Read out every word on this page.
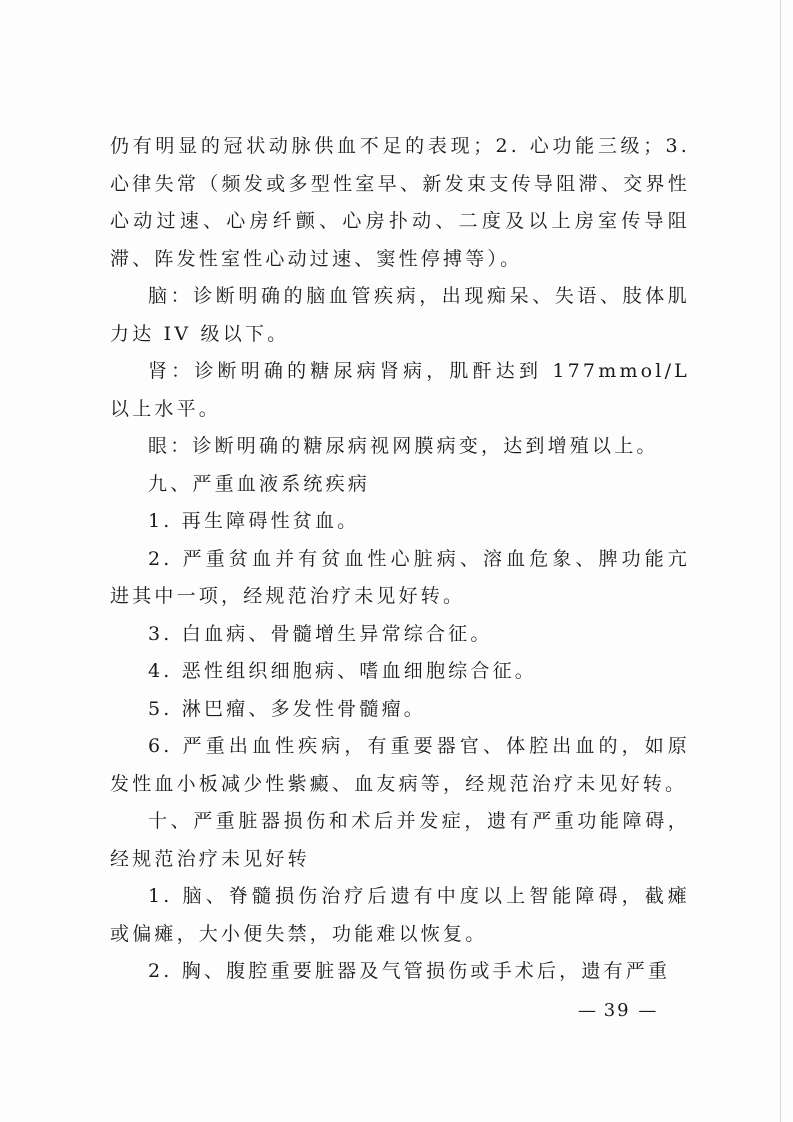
仍有明显的冠状动脉供血不足的表现；2. 心功能三级；3. 心律失常（频发或多型性室早、新发束支传导阻滞、交界性心动过速、心房纤颤、心房扑动、二度及以上房室传导阻滞、阵发性室性心动过速、窦性停搏等）。

脑：诊断明确的脑血管疾病，出现痴呆、失语、肢体肌力达 IV 级以下。

肾：诊断明确的糖尿病肾病，肌酐达到 177mmol/L 以上水平。

眼：诊断明确的糖尿病视网膜病变，达到增殖以上。

九、严重血液系统疾病

1. 再生障碍性贫血。

2. 严重贫血并有贫血性心脏病、溶血危象、脾功能亢进其中一项，经规范治疗未见好转。

3. 白血病、骨髓增生异常综合征。

4. 恶性组织细胞病、嗜血细胞综合征。

5. 淋巴瘤、多发性骨髓瘤。

6. 严重出血性疾病，有重要器官、体腔出血的，如原发性血小板减少性紫癜、血友病等，经规范治疗未见好转。

十、严重脏器损伤和术后并发症，遗有严重功能障碍，经规范治疗未见好转

1. 脑、脊髓损伤治疗后遗有中度以上智能障碍，截瘫或偏瘫，大小便失禁，功能难以恢复。

2. 胸、腹腔重要脏器及气管损伤或手术后，遗有严重

— 39 —
